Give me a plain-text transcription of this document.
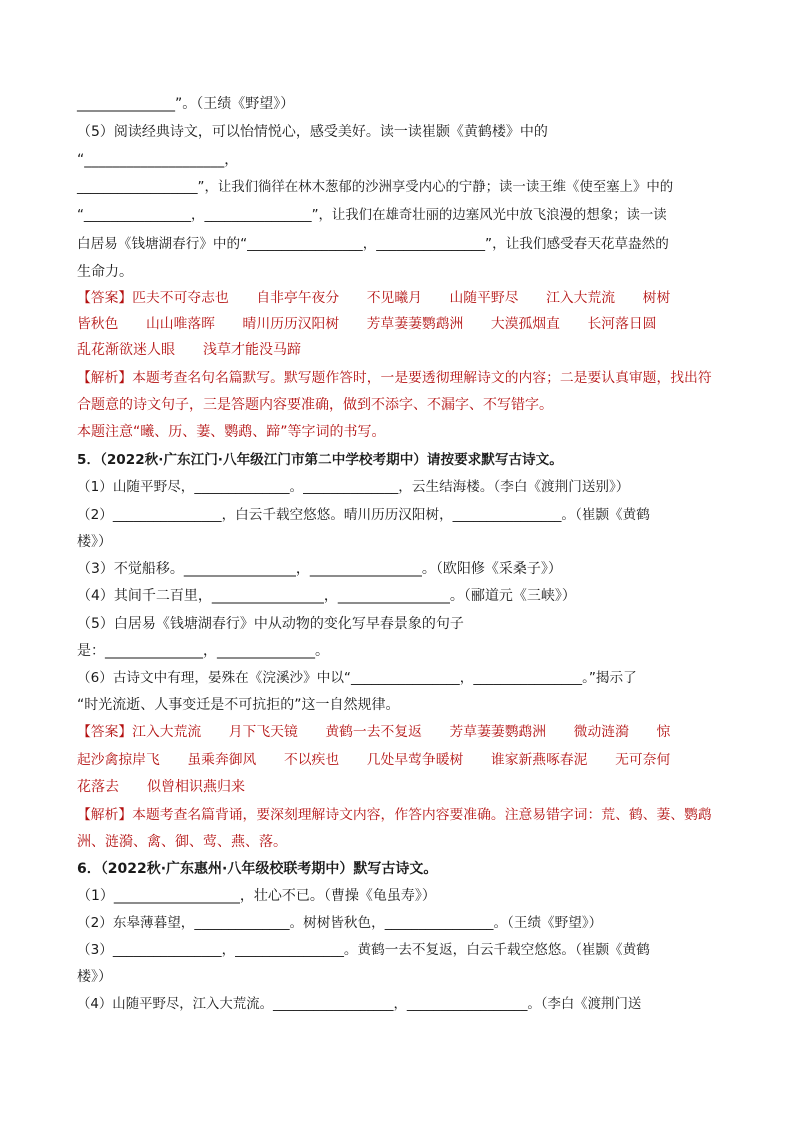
______________”。（王绩《野望》）
（5）阅读经典诗文，可以怡情悦心，感受美好。读一读崔颢《黄鹤楼》中的
“____________________，
__________________”，让我们徜徉在林木葱郁的沙洲享受内心的宁静；读一读王维《使至塞上》中的
“________________，________________”，让我们在雄奇壮丽的边塞风光中放飞浪漫的想象；读一读
白居易《钱塘湖春行》中的“_________________，________________”，让我们感受春天花草盎然的
生命力。
【答案】匹夫不可夺志也　　自非亭午夜分　　不见曦月　　山随平野尽　　江入大荒流　　树树
皆秋色　　山山唯落晖　　晴川历历汉阳树　　芳草萋萋鹦鹉洲　　大漠孤烟直　　长河落日圆
乱花渐欲迷人眼　　浅草才能没马蹄
【解析】本题考查名句名篇默写。默写题作答时，一是要透彻理解诗文的内容；二是要认真审题，找出符
合题意的诗文句子，三是答题内容要准确，做到不添字、不漏字、不写错字。
本题注意“曦、历、萋、鹦鹉、蹄”等字词的书写。
5．（2022秋·广东江门·八年级江门市第二中学校考期中）请按要求默写古诗文。
（1）山随平野尽，______________。______________，云生结海楼。（李白《渡荆门送别》）
（2）________________，白云千载空悠悠。晴川历历汉阳树，________________。（崔颢《黄鹤
楼》）
（3）不觉船移。________________，________________。（欧阳修《采桑子》）
（4）其间千二百里，________________，________________。（郦道元《三峡》）
（5）白居易《钱塘湖春行》中从动物的变化写早春景象的句子
是：______________，______________。
（6）古诗文中有理，晏殊在《浣溪沙》中以“________________，________________。”揭示了
“时光流逝、人事变迁是不可抗拒的”这一自然规律。
【答案】江入大荒流　　月下飞天镜　　黄鹤一去不复返　　芳草萋萋鹦鹉洲　　微动涟漪　　惊
起沙禽掠岸飞　　虽乘奔御风　　不以疾也　　几处早莺争暖树　　谁家新燕啄春泥　　无可奈何
花落去　　似曾相识燕归来
【解析】本题考查名篇背诵，要深刻理解诗文内容，作答内容要准确。注意易错字词：荒、鹤、萋、鹦鹉
洲、涟漪、禽、御、莺、燕、落。
6．（2022秋·广东惠州·八年级校联考期中）默写古诗文。
（1）__________________，壮心不已。（曹操《龟虽寿》）
（2）东皋薄暮望，______________。树树皆秋色，________________。（王绩《野望》）
（3）________________，________________。黄鹤一去不复返，白云千载空悠悠。（崔颢《黄鹤
楼》）
（4）山随平野尽，江入大荒流。__________________，__________________。（李白《渡荆门送
